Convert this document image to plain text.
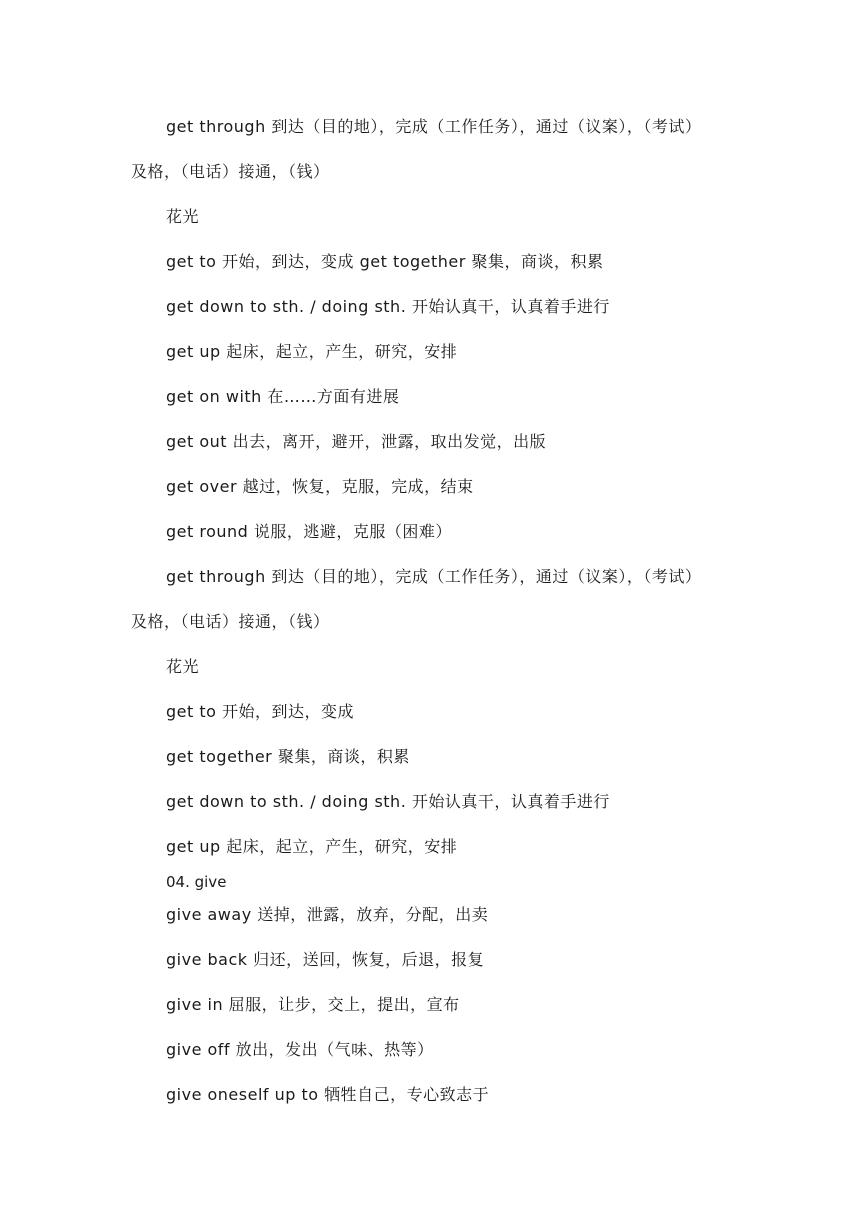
get through 到达（目的地），完成（工作任务），通过（议案），（考试）
及格，（电话）接通，（钱）
花光
get to 开始，到达，变成 get together 聚集，商谈，积累
get down to sth. / doing sth. 开始认真干，认真着手进行
get up 起床，起立，产生，研究，安排
get on with 在……方面有进展
get out 出去，离开，避开，泄露，取出发觉，出版
get over 越过，恢复，克服，完成，结束
get round 说服，逃避，克服（困难）
get through 到达（目的地），完成（工作任务），通过（议案），（考试）
及格，（电话）接通，（钱）
花光
get to 开始，到达，变成
get together 聚集，商谈，积累
get down to sth. / doing sth. 开始认真干，认真着手进行
get up 起床，起立，产生，研究，安排
04. give
give away 送掉，泄露，放弃，分配，出卖
give back 归还，送回，恢复，后退，报复
give in 屈服，让步，交上，提出，宣布
give off 放出，发出（气味、热等）
give oneself up to 牺牲自己，专心致志于
